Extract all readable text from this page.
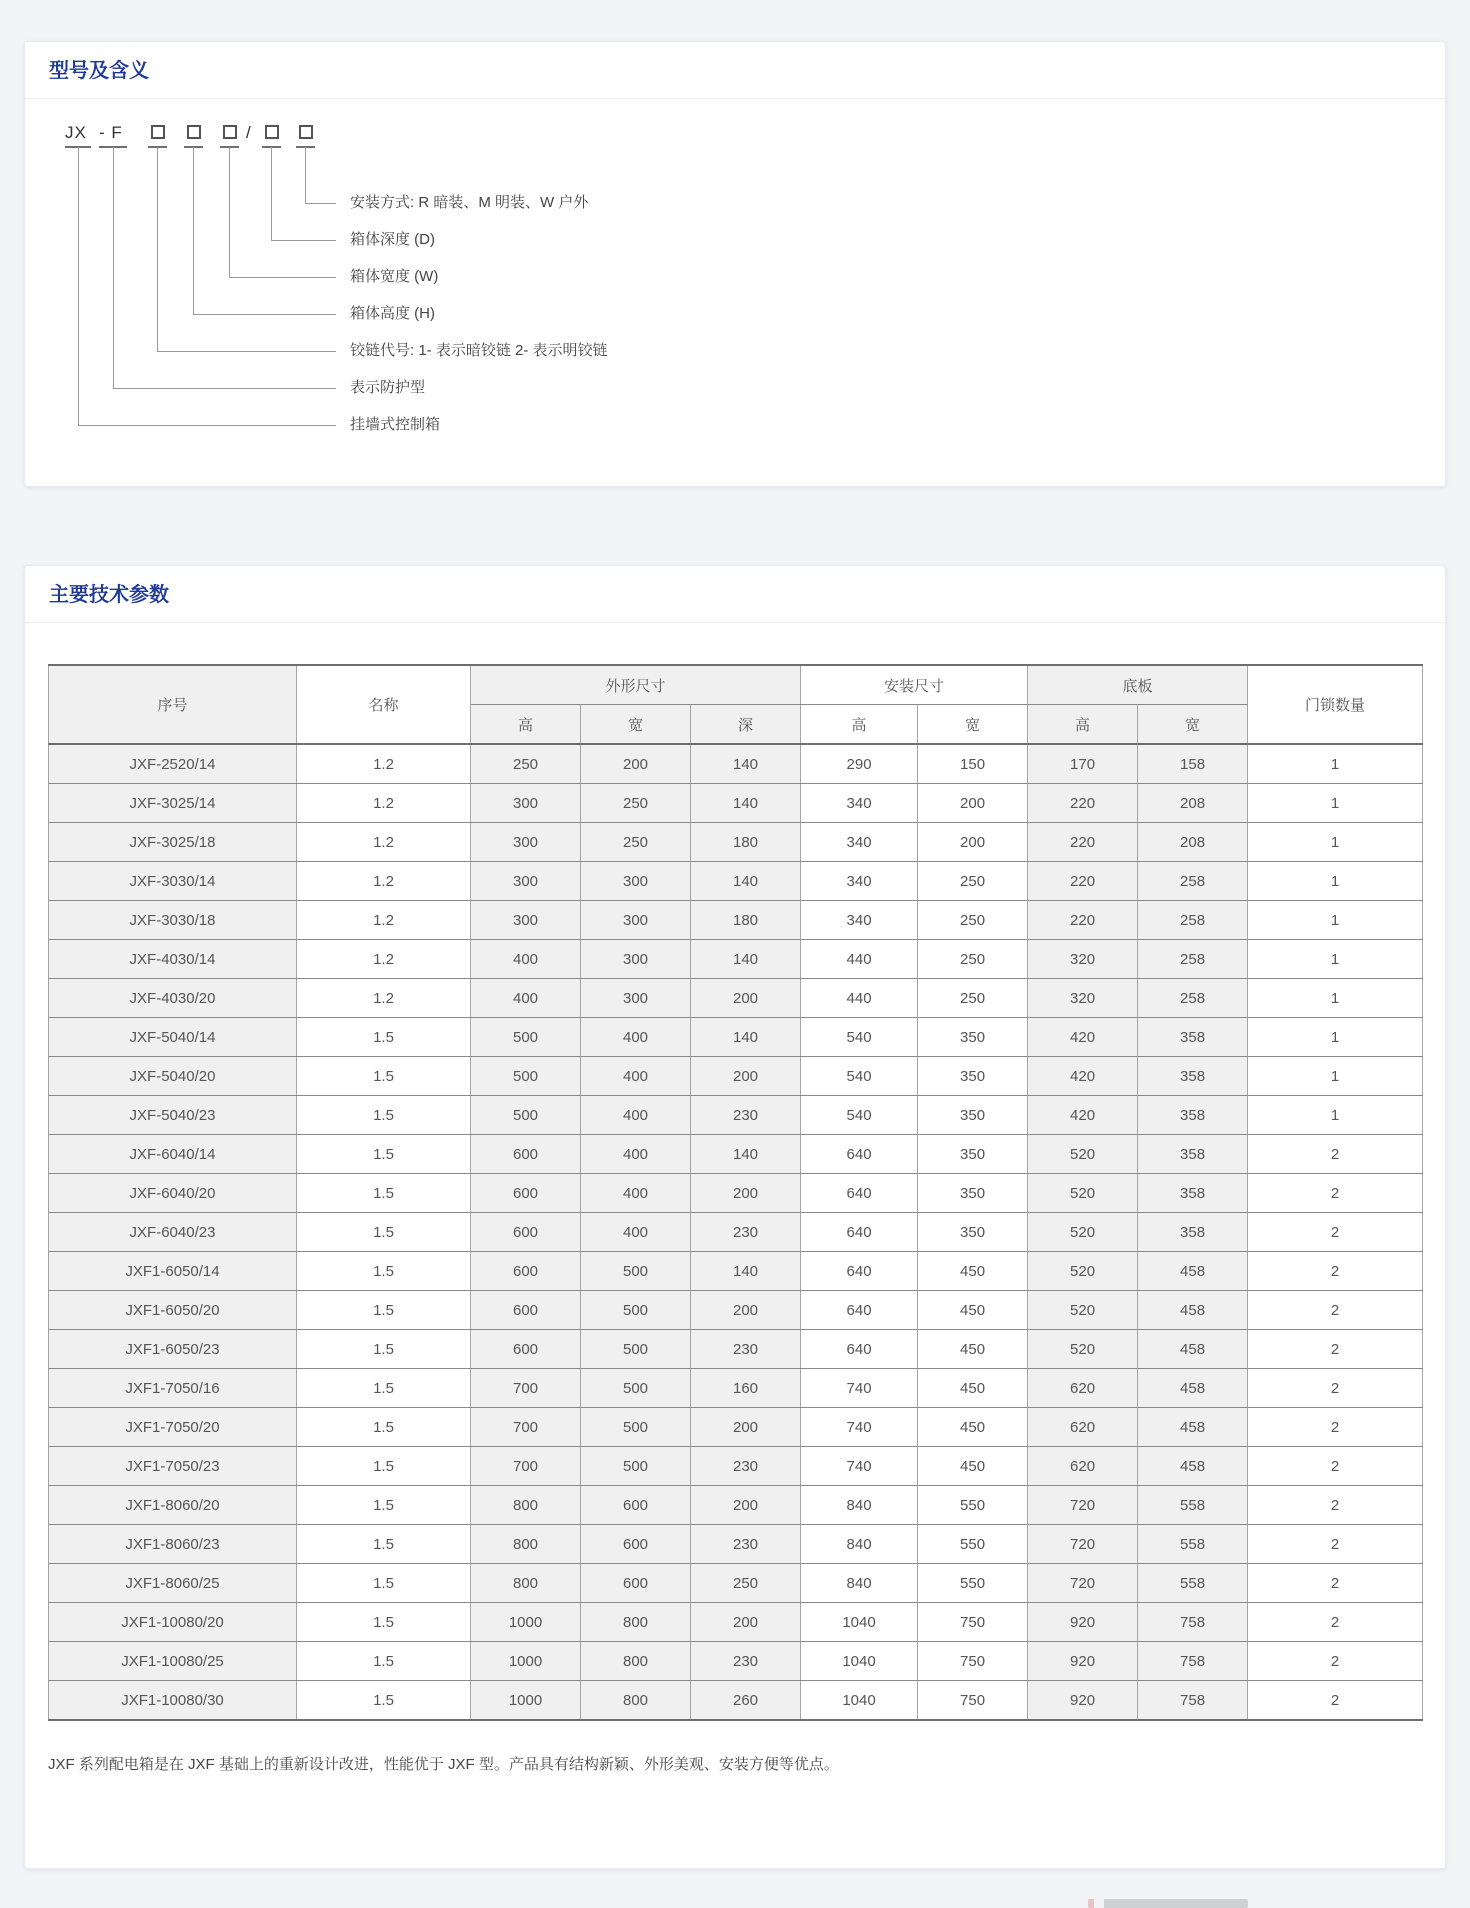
型号及含义
JX - F	/
安装方式: R 暗装、M 明装、W 户外
箱体深度 (D)
箱体宽度 (W)
箱体高度 (H)
铰链代号: 1- 表示暗铰链 2- 表示明铰链
表示防护型
挂墙式控制箱
主要技术参数
序号	名称	外形尺寸			安装尺寸		底板		门锁数量
		高	宽	深	高	宽	高	宽	
JXF-2520/14	1.2	250	200	140	290	150	170	158	1
JXF-3025/14	1.2	300	250	140	340	200	220	208	1
JXF-3025/18	1.2	300	250	180	340	200	220	208	1
JXF-3030/14	1.2	300	300	140	340	250	220	258	1
JXF-3030/18	1.2	300	300	180	340	250	220	258	1
JXF-4030/14	1.2	400	300	140	440	250	320	258	1
JXF-4030/20	1.2	400	300	200	440	250	320	258	1
JXF-5040/14	1.5	500	400	140	540	350	420	358	1
JXF-5040/20	1.5	500	400	200	540	350	420	358	1
JXF-5040/23	1.5	500	400	230	540	350	420	358	1
JXF-6040/14	1.5	600	400	140	640	350	520	358	2
JXF-6040/20	1.5	600	400	200	640	350	520	358	2
JXF-6040/23	1.5	600	400	230	640	350	520	358	2
JXF1-6050/14	1.5	600	500	140	640	450	520	458	2
JXF1-6050/20	1.5	600	500	200	640	450	520	458	2
JXF1-6050/23	1.5	600	500	230	640	450	520	458	2
JXF1-7050/16	1.5	700	500	160	740	450	620	458	2
JXF1-7050/20	1.5	700	500	200	740	450	620	458	2
JXF1-7050/23	1.5	700	500	230	740	450	620	458	2
JXF1-8060/20	1.5	800	600	200	840	550	720	558	2
JXF1-8060/23	1.5	800	600	230	840	550	720	558	2
JXF1-8060/25	1.5	800	600	250	840	550	720	558	2
JXF1-10080/20	1.5	1000	800	200	1040	750	920	758	2
JXF1-10080/25	1.5	1000	800	230	1040	750	920	758	2
JXF1-10080/30	1.5	1000	800	260	1040	750	920	758	2

JXF 系列配电箱是在 JXF 基础上的重新设计改进，性能优于 JXF 型。产品具有结构新颖、外形美观、安装方便等优点。
